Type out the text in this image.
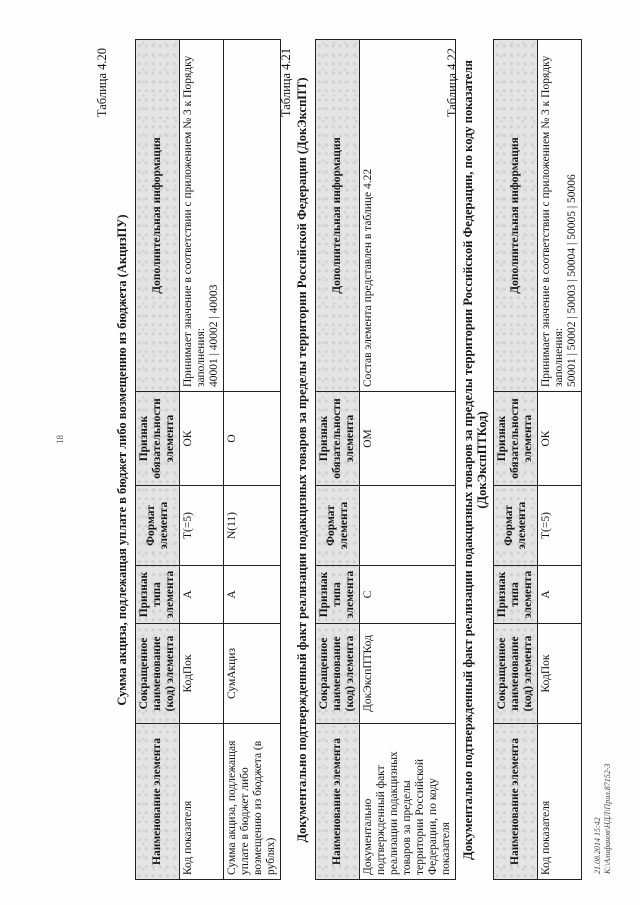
18
Таблица 4.20
Сумма акциза, подлежащая уплате в бюджет либо возмещению из бюджета (АкцизПУ)
Наименование элемента	Сокращенное наименование (код) элемента	Признак типа элемента	Формат элемента	Признак обязательности элемента	Дополнительная информация
Код показателя	КодПок	А	T(=5)	ОК	Принимает значение в соответствии с приложением № 3 к Порядку заполнения:
40001 | 40002 | 40003
Сумма акциза, подлежащая уплате в бюджет либо возмещению из бюджета (в рублях)	СумАкциз	А	N(11)	О	
Таблица 4.21 Документально подтвержденный факт реализации подакцизных товаров за пределы территории Российской Федерации (ДокЭкспПТ) Наименование элемента	Сокращенное наименование (код) элемента	Признак типа элемента	Формат элемента	Признак обязательности элемента	Дополнительная информация
Документально подтвержденный факт реализации подакцизных товаров за пределы территории Российской Федерации, по коду показателя	ДокЭкспПТКод	С		ОМ	Состав элемента представлен в таблице 4.22
Таблица 4.22 Документально подтвержденный факт реализации подакцизных товаров за пределы территории Российской Федерации, по коду показателя (ДокЭкспПТКод)
Наименование элемента	Сокращенное наименование (код) элемента	Признак типа элемента	Формат элемента	Признак обязательности элемента	Дополнительная информация
Код показателя	КодПок	А	T(=5)	ОК	Принимает значение в соответствии с приложением № 3 к Порядку заполнения:
50001 | 50002 | 50003 | 50004 | 50005 | 50006
21.08.2014 15:42 К:\Алифанов\НДЛ\Прил.87152-3
